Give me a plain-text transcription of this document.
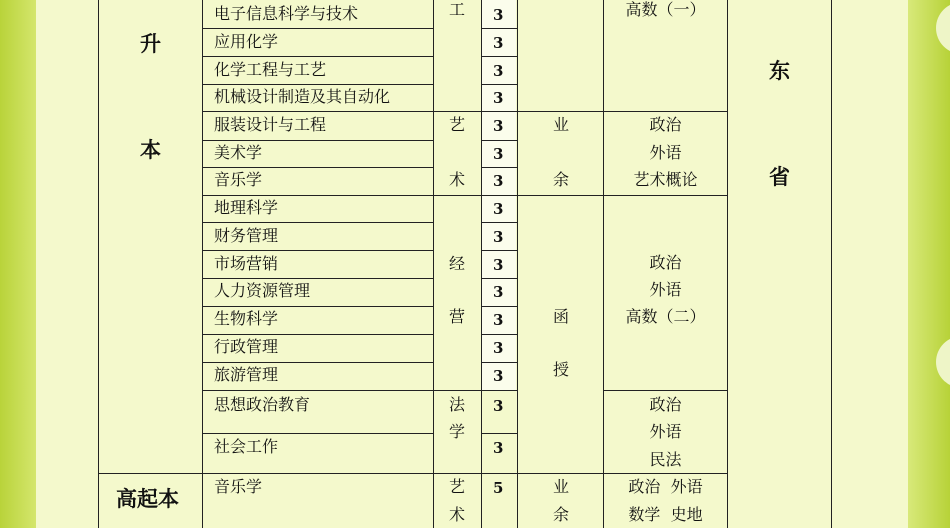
升
本
高起本
电子信息科学与技术
应用化学
化学工程与工艺
机械设计制造及其自动化
服装设计与工程
美术学
音乐学
地理科学
财务管理
市场营销
人力资源管理
生物科学
行政管理
旅游管理
思想政治教育
社会工作
音乐学
工
艺
术
经
营
法
学
艺
术
3
3
3
3
3
3
3
3
3
3
3
3
3
3
3
3
5
业
余
函
授
业
余
高数（一）
政治
外语
艺术概论
政治
外语
高数（二）
政治
外语
民法
政治  外语
数学  史地
东
省
